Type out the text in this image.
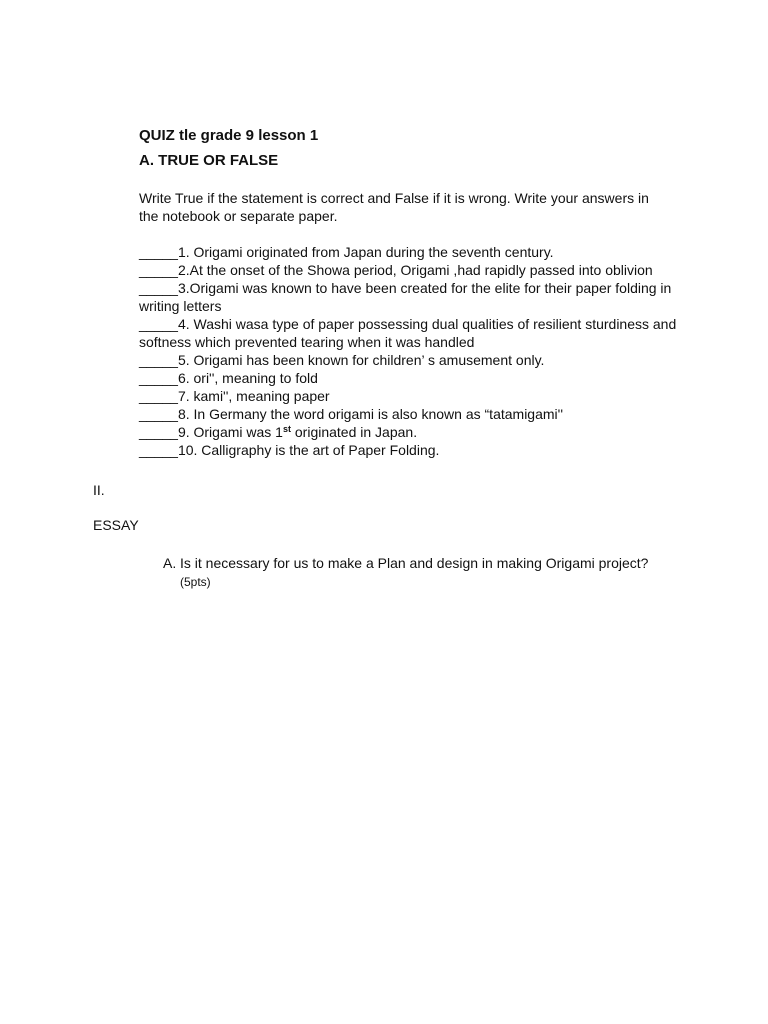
QUIZ tle grade 9 lesson 1
A. TRUE OR FALSE
Write True if the statement is correct and False if it is wrong. Write your answers in the notebook or separate paper.
_____1. Origami originated from Japan during the seventh century.
_____2.At the onset of the Showa period, Origami ,had rapidly passed into oblivion
_____3.Origami was known to have been created for the elite for their paper folding in writing letters
_____4. Washi wasa type of paper possessing dual qualities of resilient sturdiness and softness which prevented tearing when it was handled
_____5. Origami has been known for children’ s amusement only.
_____6. ori'', meaning to fold
_____7. kami'', meaning paper
_____8. In Germany the word origami is also known as “tatamigami''
_____9. Origami was 1st originated in Japan.
_____10. Calligraphy is the art of Paper Folding.
II.
ESSAY
A. Is it necessary for us to make a Plan and design in making Origami project? (5pts)
